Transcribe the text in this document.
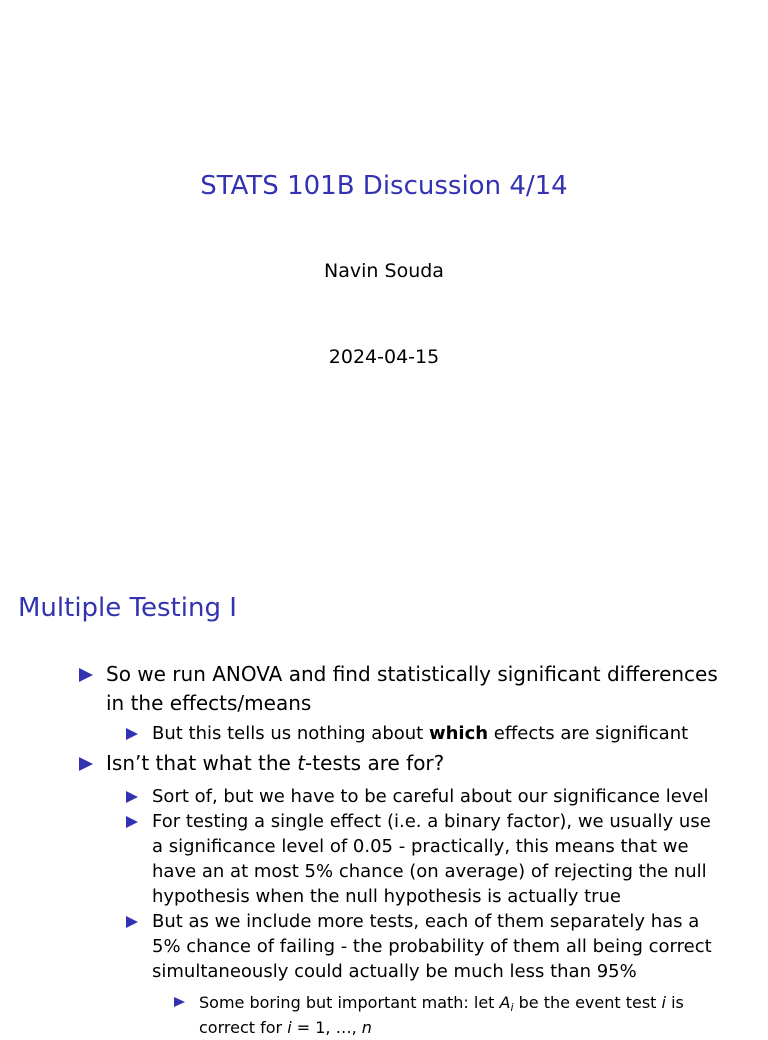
STATS 101B Discussion 4/14
Navin Souda
2024-04-15
Multiple Testing I
So we run ANOVA and find statistically significant differences in the effects/means
But this tells us nothing about which effects are significant
Isn’t that what the t-tests are for?
Sort of, but we have to be careful about our significance level
For testing a single effect (i.e. a binary factor), we usually use a significance level of 0.05 - practically, this means that we have an at most 5% chance (on average) of rejecting the null hypothesis when the null hypothesis is actually true
But as we include more tests, each of them separately has a 5% chance of failing - the probability of them all being correct simultaneously could actually be much less than 95%
Some boring but important math: let $A_i$ be the event test i is correct for i = 1, …, n
